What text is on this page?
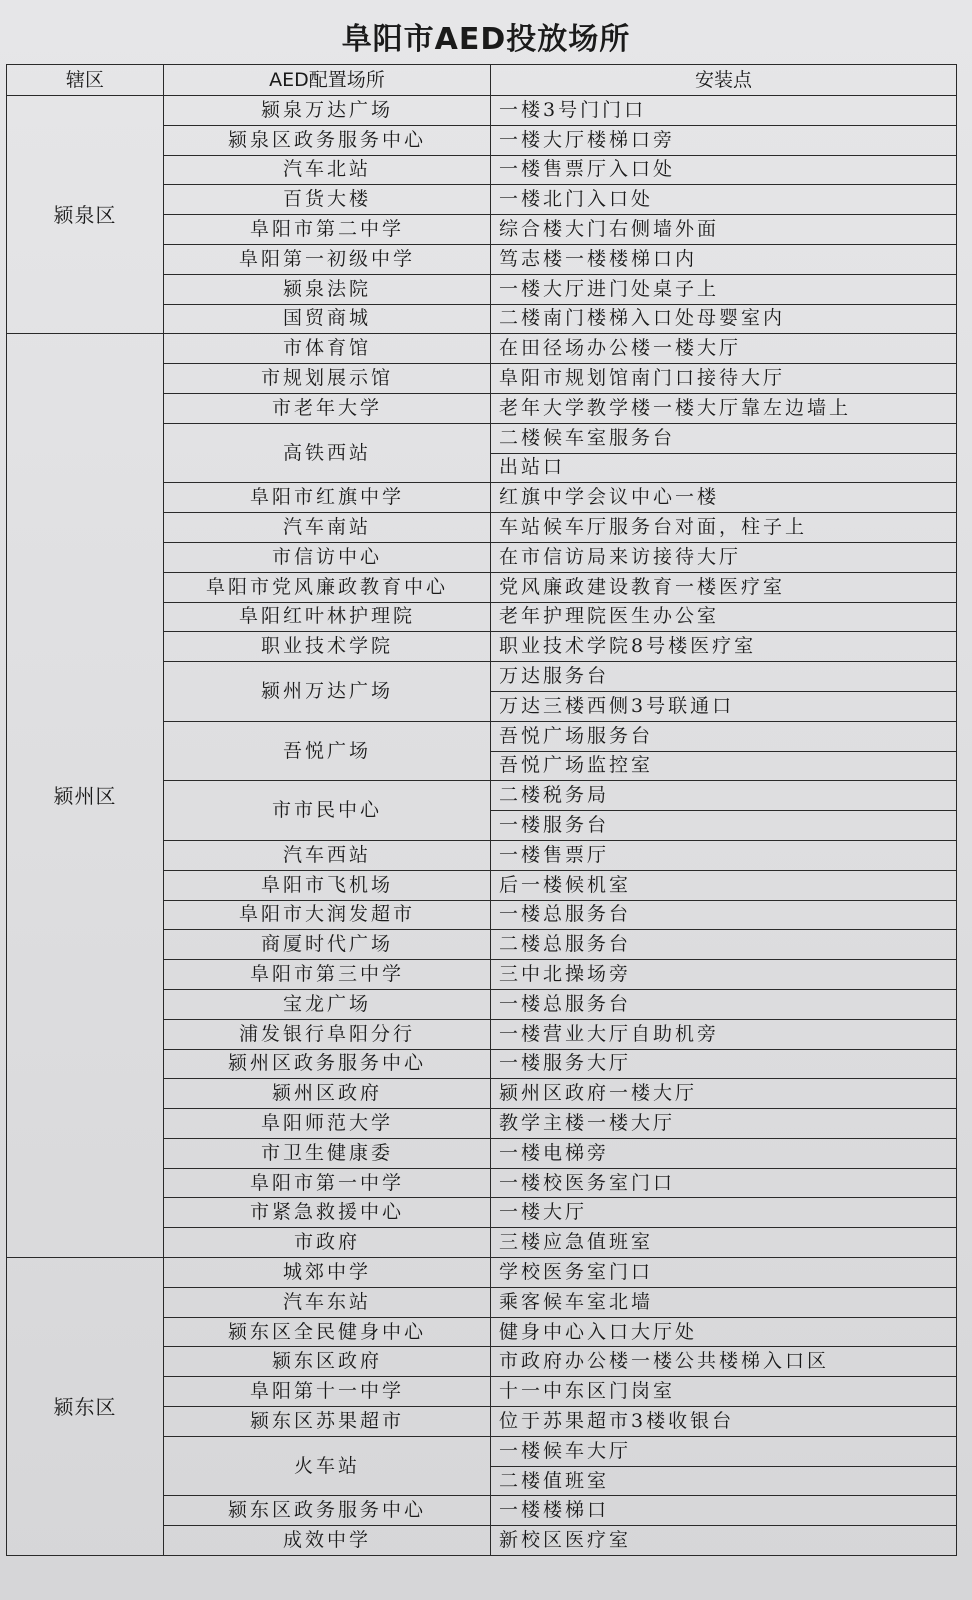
阜阳市AED投放场所
辖区	AED配置场所	安装点
颍泉区	颍泉万达广场	一楼3号门门口
	颍泉区政务服务中心	一楼大厅楼梯口旁
	汽车北站	一楼售票厅入口处
	百货大楼	一楼北门入口处
	阜阳市第二中学	综合楼大门右侧墙外面
	阜阳第一初级中学	笃志楼一楼楼梯口内
	颍泉法院	一楼大厅进门处桌子上
	国贸商城	二楼南门楼梯入口处母婴室内
颍州区	市体育馆	在田径场办公楼一楼大厅
	市规划展示馆	阜阳市规划馆南门口接待大厅
	市老年大学	老年大学教学楼一楼大厅靠左边墙上
	高铁西站	二楼候车室服务台
		出站口
	阜阳市红旗中学	红旗中学会议中心一楼
	汽车南站	车站候车厅服务台对面，柱子上
	市信访中心	在市信访局来访接待大厅
	阜阳市党风廉政教育中心	党风廉政建设教育一楼医疗室
	阜阳红叶林护理院	老年护理院医生办公室
	职业技术学院	职业技术学院8号楼医疗室
	颍州万达广场	万达服务台
		万达三楼西侧3号联通口
	吾悦广场	吾悦广场服务台
		吾悦广场监控室
	市市民中心	二楼税务局
		一楼服务台
	汽车西站	一楼售票厅
	阜阳市飞机场	后一楼候机室
	阜阳市大润发超市	一楼总服务台
	商厦时代广场	二楼总服务台
	阜阳市第三中学	三中北操场旁
	宝龙广场	一楼总服务台
	浦发银行阜阳分行	一楼营业大厅自助机旁
	颍州区政务服务中心	一楼服务大厅
	颍州区政府	颍州区政府一楼大厅
	阜阳师范大学	教学主楼一楼大厅
	市卫生健康委	一楼电梯旁
	阜阳市第一中学	一楼校医务室门口
	市紧急救援中心	一楼大厅
	市政府	三楼应急值班室
颍东区	城郊中学	学校医务室门口
	汽车东站	乘客候车室北墙
	颍东区全民健身中心	健身中心入口大厅处
	颍东区政府	市政府办公楼一楼公共楼梯入口区
	阜阳第十一中学	十一中东区门岗室
	颍东区苏果超市	位于苏果超市3楼收银台
	火车站	一楼候车大厅
		二楼值班室
	颍东区政务服务中心	一楼楼梯口
	成效中学	新校区医疗室
